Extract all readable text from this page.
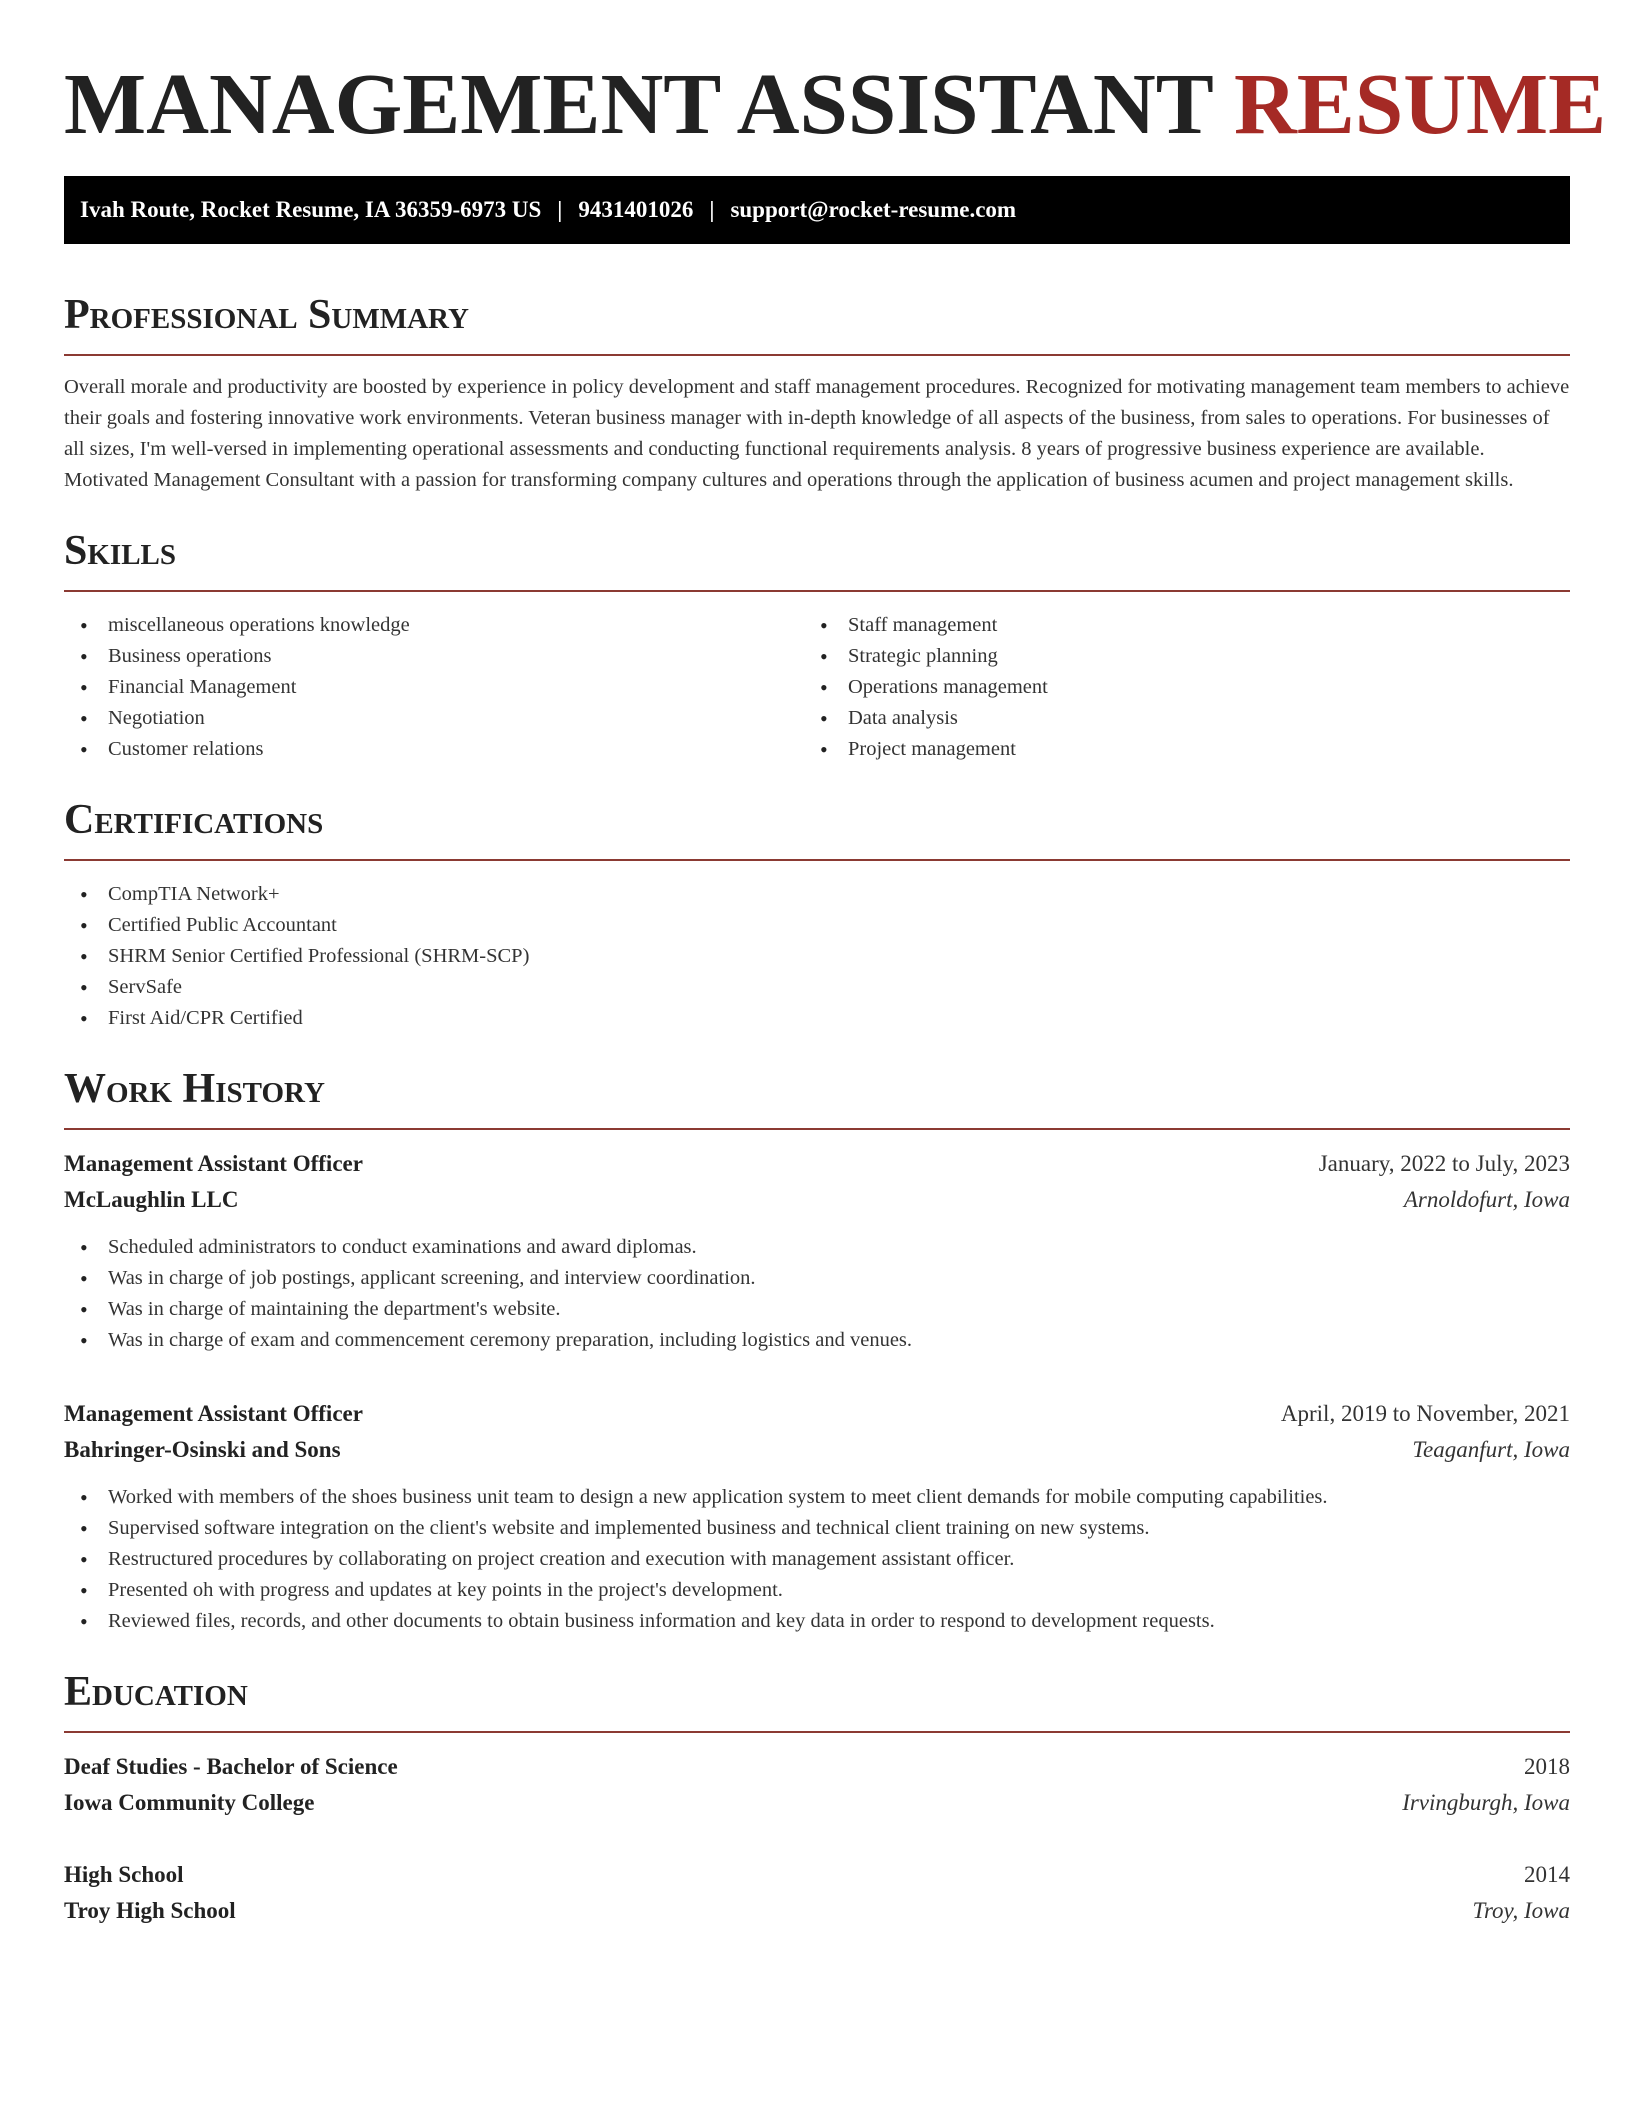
MANAGEMENT ASSISTANT RESUME
Ivah Route, Rocket Resume, IA 36359-6973 US | 9431401026 | support@rocket-resume.com
Professional Summary
Overall morale and productivity are boosted by experience in policy development and staff management procedures. Recognized for motivating management team members to achieve their goals and fostering innovative work environments. Veteran business manager with in-depth knowledge of all aspects of the business, from sales to operations. For businesses of all sizes, I'm well-versed in implementing operational assessments and conducting functional requirements analysis. 8 years of progressive business experience are available. Motivated Management Consultant with a passion for transforming company cultures and operations through the application of business acumen and project management skills.
Skills
• miscellaneous operations knowledge
• Business operations
• Financial Management
• Negotiation
• Customer relations
• Staff management
• Strategic planning
• Operations management
• Data analysis
• Project management
Certifications
• CompTIA Network+
• Certified Public Accountant
• SHRM Senior Certified Professional (SHRM-SCP)
• ServSafe
• First Aid/CPR Certified
Work History
Management Assistant Officer	January, 2022 to July, 2023
McLaughlin LLC	Arnoldofurt, Iowa
• Scheduled administrators to conduct examinations and award diplomas.
• Was in charge of job postings, applicant screening, and interview coordination.
• Was in charge of maintaining the department's website.
• Was in charge of exam and commencement ceremony preparation, including logistics and venues.
Management Assistant Officer	April, 2019 to November, 2021
Bahringer-Osinski and Sons	Teaganfurt, Iowa
• Worked with members of the shoes business unit team to design a new application system to meet client demands for mobile computing capabilities.
• Supervised software integration on the client's website and implemented business and technical client training on new systems.
• Restructured procedures by collaborating on project creation and execution with management assistant officer.
• Presented oh with progress and updates at key points in the project's development.
• Reviewed files, records, and other documents to obtain business information and key data in order to respond to development requests.
Education
Deaf Studies - Bachelor of Science	2018
Iowa Community College	Irvingburgh, Iowa
High School	2014
Troy High School	Troy, Iowa
